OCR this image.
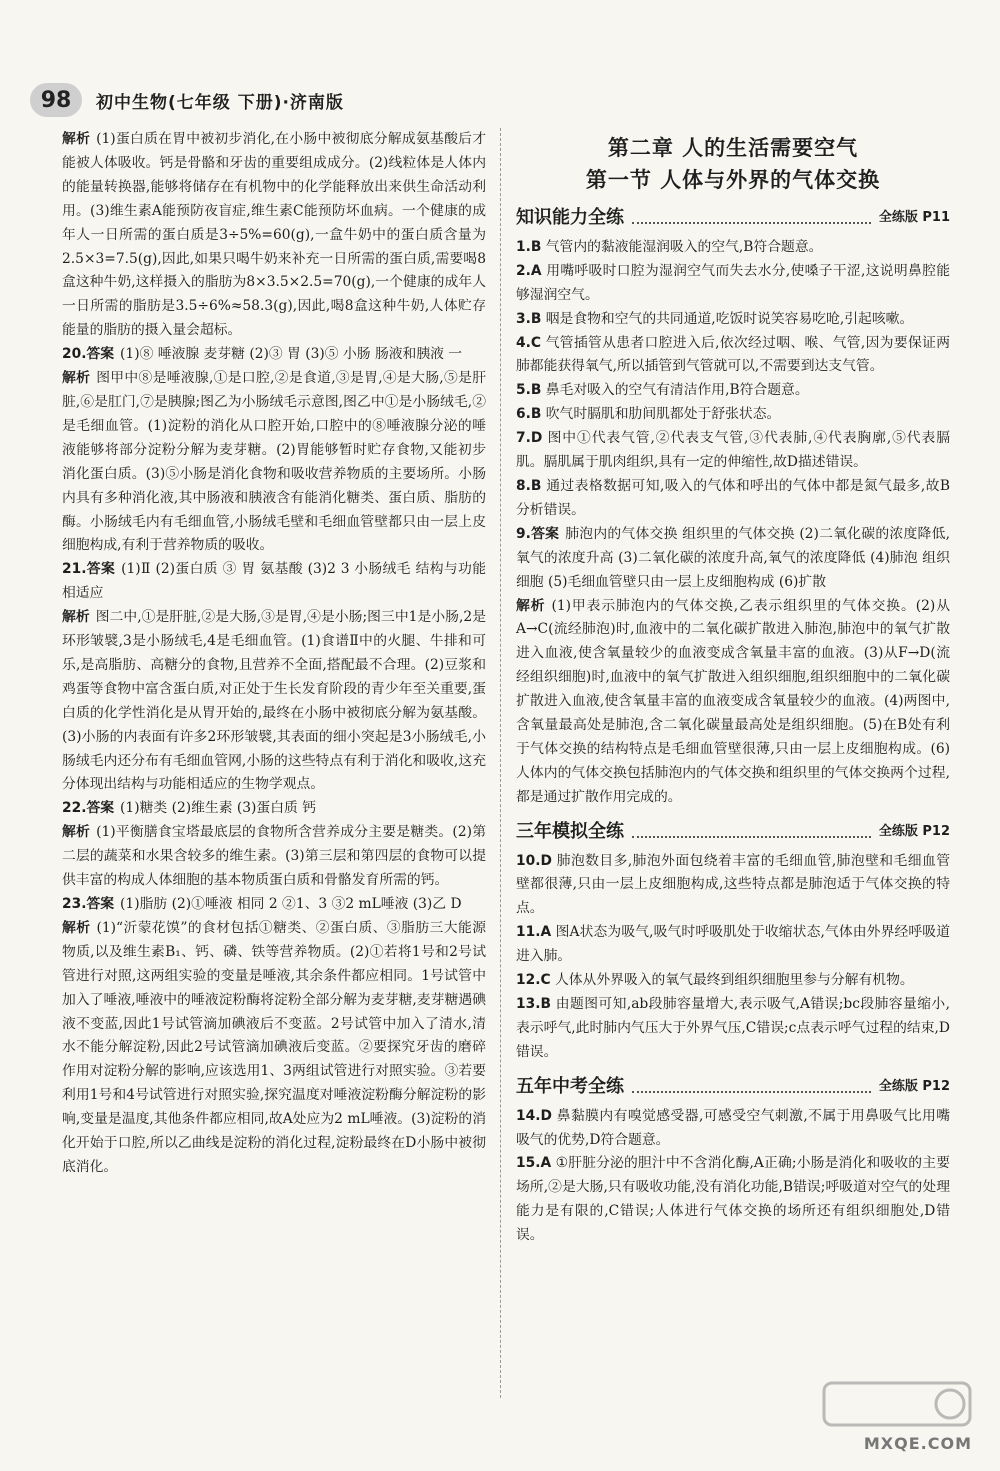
98	初中生物(七年级 下册)·济南版

解析 (1)蛋白质在胃中被初步消化,在小肠中被彻底分解成氨基酸后才能被人体吸收。钙是骨骼和牙齿的重要组成成分。(2)线粒体是人体内的能量转换器,能够将储存在有机物中的化学能释放出来供生命活动利用。(3)维生素A能预防夜盲症,维生素C能预防坏血病。一个健康的成年人一日所需的蛋白质是3÷5%=60(g),一盒牛奶中的蛋白质含量为2.5×3=7.5(g),因此,如果只喝牛奶来补充一日所需的蛋白质,需要喝8盒这种牛奶,这样摄入的脂肪为8×3.5×2.5=70(g),一个健康的成年人一日所需的脂肪是3.5÷6%≈58.3(g),因此,喝8盒这种牛奶,人体贮存能量的脂肪的摄入量会超标。

20.答案 (1)⑧ 唾液腺 麦芽糖 (2)③ 胃 (3)⑤ 小肠 肠液和胰液 一

解析 图甲中⑧是唾液腺,①是口腔,②是食道,③是胃,④是大肠,⑤是肝脏,⑥是肛门,⑦是胰腺;图乙为小肠绒毛示意图,图乙中①是小肠绒毛,②是毛细血管。(1)淀粉的消化从口腔开始,口腔中的⑧唾液腺分泌的唾液能够将部分淀粉分解为麦芽糖。(2)胃能够暂时贮存食物,又能初步消化蛋白质。(3)⑤小肠是消化食物和吸收营养物质的主要场所。小肠内具有多种消化液,其中肠液和胰液含有能消化糖类、蛋白质、脂肪的酶。小肠绒毛内有毛细血管,小肠绒毛壁和毛细血管壁都只由一层上皮细胞构成,有利于营养物质的吸收。

21.答案 (1)Ⅱ (2)蛋白质 ③ 胃 氨基酸 (3)2 3 小肠绒毛 结构与功能相适应

解析 图二中,①是肝脏,②是大肠,③是胃,④是小肠;图三中1是小肠,2是环形皱襞,3是小肠绒毛,4是毛细血管。(1)食谱Ⅱ中的火腿、牛排和可乐,是高脂肪、高糖分的食物,且营养不全面,搭配最不合理。(2)豆浆和鸡蛋等食物中富含蛋白质,对正处于生长发育阶段的青少年至关重要,蛋白质的化学性消化是从胃开始的,最终在小肠中被彻底分解为氨基酸。(3)小肠的内表面有许多2环形皱襞,其表面的细小突起是3小肠绒毛,小肠绒毛内还分布有毛细血管网,小肠的这些特点有利于消化和吸收,这充分体现出结构与功能相适应的生物学观点。

22.答案 (1)糖类 (2)维生素 (3)蛋白质 钙

解析 (1)平衡膳食宝塔最底层的食物所含营养成分主要是糖类。(2)第二层的蔬菜和水果含较多的维生素。(3)第三层和第四层的食物可以提供丰富的构成人体细胞的基本物质蛋白质和骨骼发育所需的钙。

23.答案 (1)脂肪 (2)①唾液 相同 2 ②1、3 ③2 mL唾液 (3)乙 D

解析 (1)“沂蒙花馍”的食材包括①糖类、②蛋白质、③脂肪三大能源物质,以及维生素B₁、钙、磷、铁等营养物质。(2)①若将1号和2号试管进行对照,这两组实验的变量是唾液,其余条件都应相同。1号试管中加入了唾液,唾液中的唾液淀粉酶将淀粉全部分解为麦芽糖,麦芽糖遇碘液不变蓝,因此1号试管滴加碘液后不变蓝。2号试管中加入了清水,清水不能分解淀粉,因此2号试管滴加碘液后变蓝。②要探究牙齿的磨碎作用对淀粉分解的影响,应该选用1、3两组试管进行对照实验。③若要利用1号和4号试管进行对照实验,探究温度对唾液淀粉酶分解淀粉的影响,变量是温度,其他条件都应相同,故A处应为2 mL唾液。(3)淀粉的消化开始于口腔,所以乙曲线是淀粉的消化过程,淀粉最终在D小肠中被彻底消化。

第二章 人的生活需要空气
第一节 人体与外界的气体交换
知识能力全练	全练版 P11

1.B 气管内的黏液能湿润吸入的空气,B符合题意。

2.A 用嘴呼吸时口腔为湿润空气而失去水分,使嗓子干涩,这说明鼻腔能够湿润空气。

3.B 咽是食物和空气的共同通道,吃饭时说笑容易吃呛,引起咳嗽。

4.C 气管插管从患者口腔进入后,依次经过咽、喉、气管,因为要保证两肺都能获得氧气,所以插管到气管就可以,不需要到达支气管。

5.B 鼻毛对吸入的空气有清洁作用,B符合题意。

6.B 吹气时膈肌和肋间肌都处于舒张状态。

7.D 图中①代表气管,②代表支气管,③代表肺,④代表胸廓,⑤代表膈肌。膈肌属于肌肉组织,具有一定的伸缩性,故D描述错误。

8.B 通过表格数据可知,吸入的气体和呼出的气体中都是氮气最多,故B分析错误。

9.答案 肺泡内的气体交换 组织里的气体交换 (2)二氧化碳的浓度降低,氧气的浓度升高 (3)二氧化碳的浓度升高,氧气的浓度降低 (4)肺泡 组织细胞 (5)毛细血管壁只由一层上皮细胞构成 (6)扩散

解析 (1)甲表示肺泡内的气体交换,乙表示组织里的气体交换。(2)从A→C(流经肺泡)时,血液中的二氧化碳扩散进入肺泡,肺泡中的氧气扩散进入血液,使含氧量较少的血液变成含氧量丰富的血液。(3)从F→D(流经组织细胞)时,血液中的氧气扩散进入组织细胞,组织细胞中的二氧化碳扩散进入血液,使含氧量丰富的血液变成含氧量较少的血液。(4)两图中,含氧量最高处是肺泡,含二氧化碳量最高处是组织细胞。(5)在B处有利于气体交换的结构特点是毛细血管壁很薄,只由一层上皮细胞构成。(6)人体内的气体交换包括肺泡内的气体交换和组织里的气体交换两个过程,都是通过扩散作用完成的。

三年模拟全练	全练版 P12

10.D 肺泡数目多,肺泡外面包绕着丰富的毛细血管,肺泡壁和毛细血管壁都很薄,只由一层上皮细胞构成,这些特点都是肺泡适于气体交换的特点。

11.A 图A状态为吸气,吸气时呼吸肌处于收缩状态,气体由外界经呼吸道进入肺。

12.C 人体从外界吸入的氧气最终到组织细胞里参与分解有机物。

13.B 由题图可知,ab段肺容量增大,表示吸气,A错误;bc段肺容量缩小,表示呼气,此时肺内气压大于外界气压,C错误;c点表示呼气过程的结束,D错误。

五年中考全练	全练版 P12

14.D 鼻黏膜内有嗅觉感受器,可感受空气刺激,不属于用鼻吸气比用嘴吸气的优势,D符合题意。

15.A ①肝脏分泌的胆汁中不含消化酶,A正确;小肠是消化和吸收的主要场所,②是大肠,只有吸收功能,没有消化功能,B错误;呼吸道对空气的处理能力是有限的,C错误;人体进行气体交换的场所还有组织细胞处,D错误。

MXQE.COM
